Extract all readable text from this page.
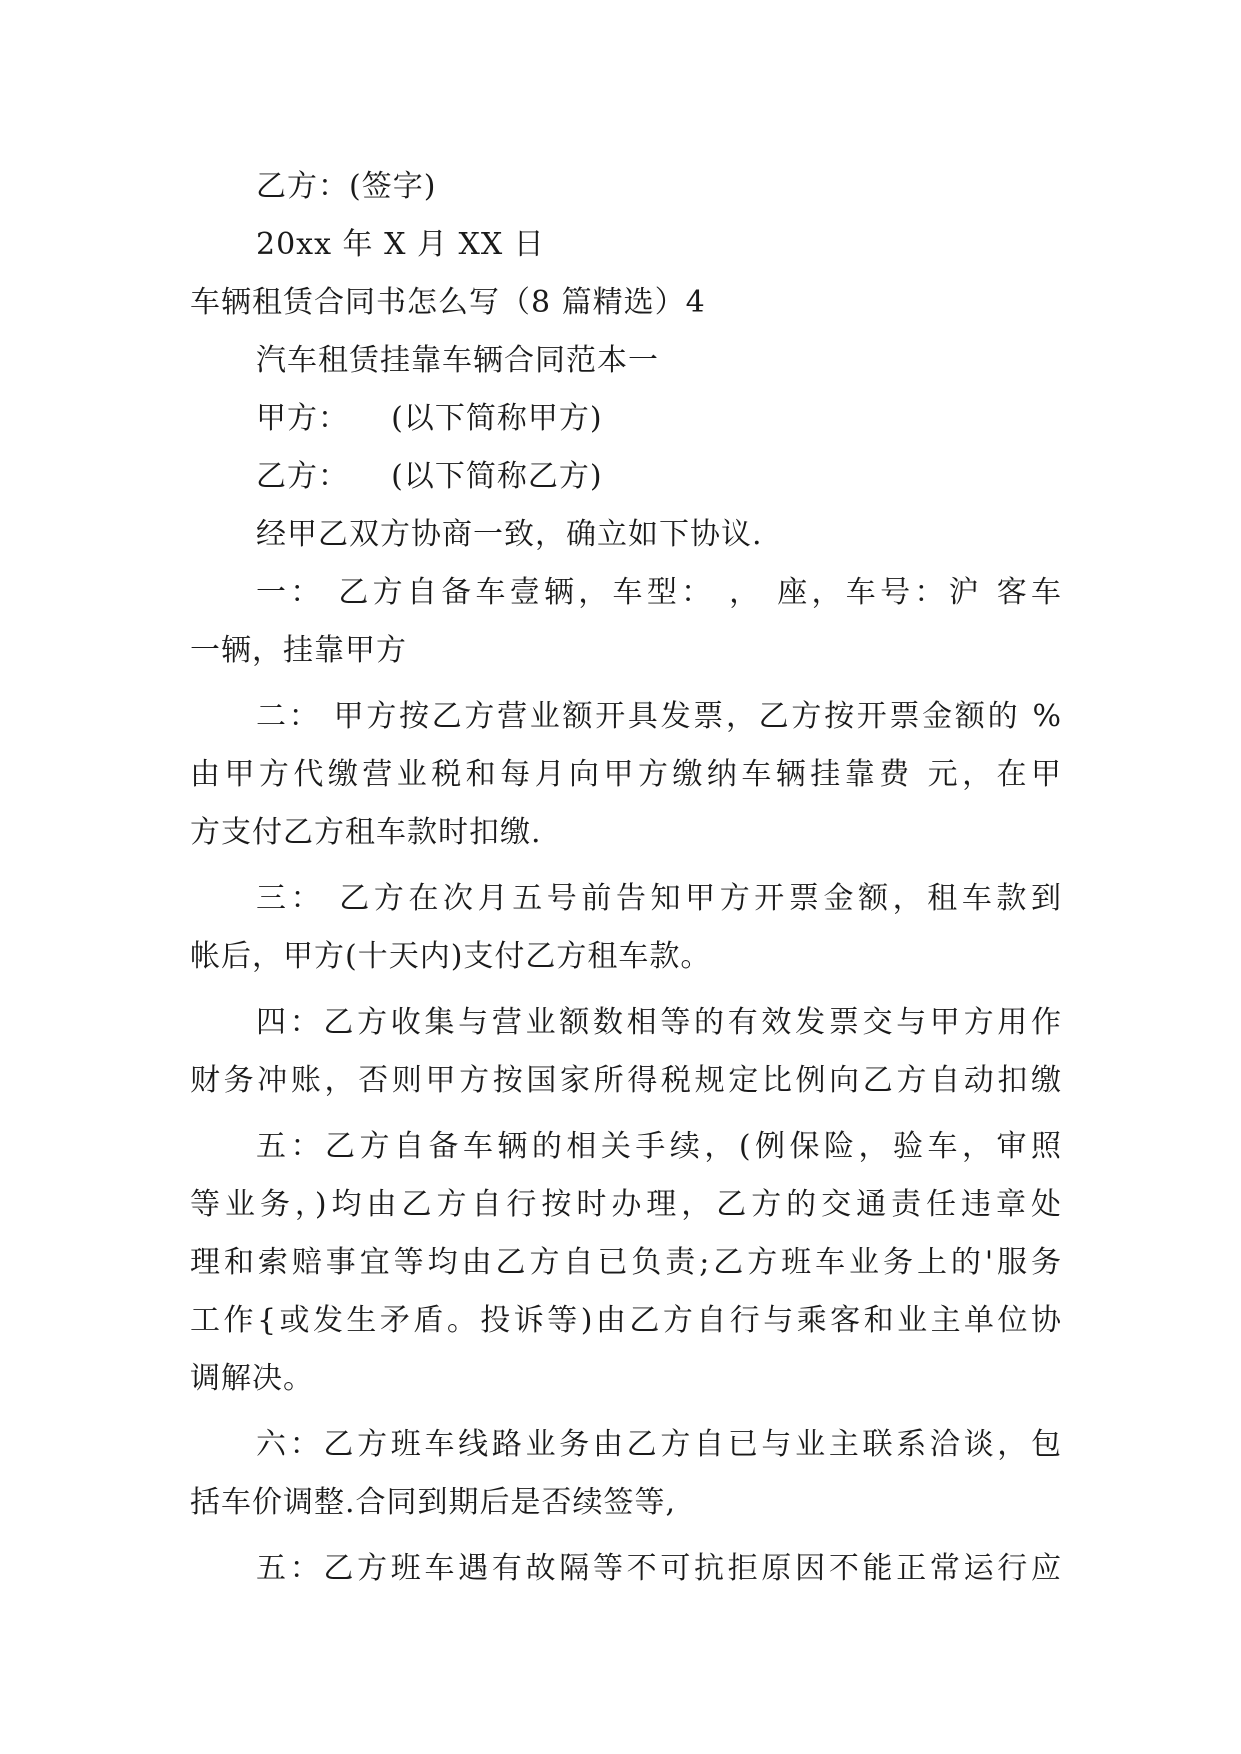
乙方：(签字)

20xx 年 X 月 XX 日

车辆租赁合同书怎么写（8 篇精选）4

汽车租赁挂靠车辆合同范本一

甲方：    (以下简称甲方)

乙方：    (以下简称乙方)

经甲乙双方协商一致，确立如下协议.

一： 乙方自备车壹辆，车型： ， 座，车号：沪 客车

一辆，挂靠甲方

二： 甲方按乙方营业额开具发票，乙方按开票金额的 %

由甲方代缴营业税和每月向甲方缴纳车辆挂靠费 元，在甲

方支付乙方租车款时扣缴.

三： 乙方在次月五号前告知甲方开票金额，租车款到

帐后，甲方(十天内)支付乙方租车款。

四：乙方收集与营业额数相等的有效发票交与甲方用作

财务冲账，否则甲方按国家所得税规定比例向乙方自动扣缴

五：乙方自备车辆的相关手续，(例保险，验车，审照

等业务，)均由乙方自行按时办理，乙方的交通责任违章处

理和索赔事宜等均由乙方自已负责;乙方班车业务上的'服务

工作{或发生矛盾。投诉等)由乙方自行与乘客和业主单位协

调解决。

六：乙方班车线路业务由乙方自已与业主联系洽谈，包

括车价调整.合同到期后是否续签等,

五：乙方班车遇有故隔等不可抗拒原因不能正常运行应
